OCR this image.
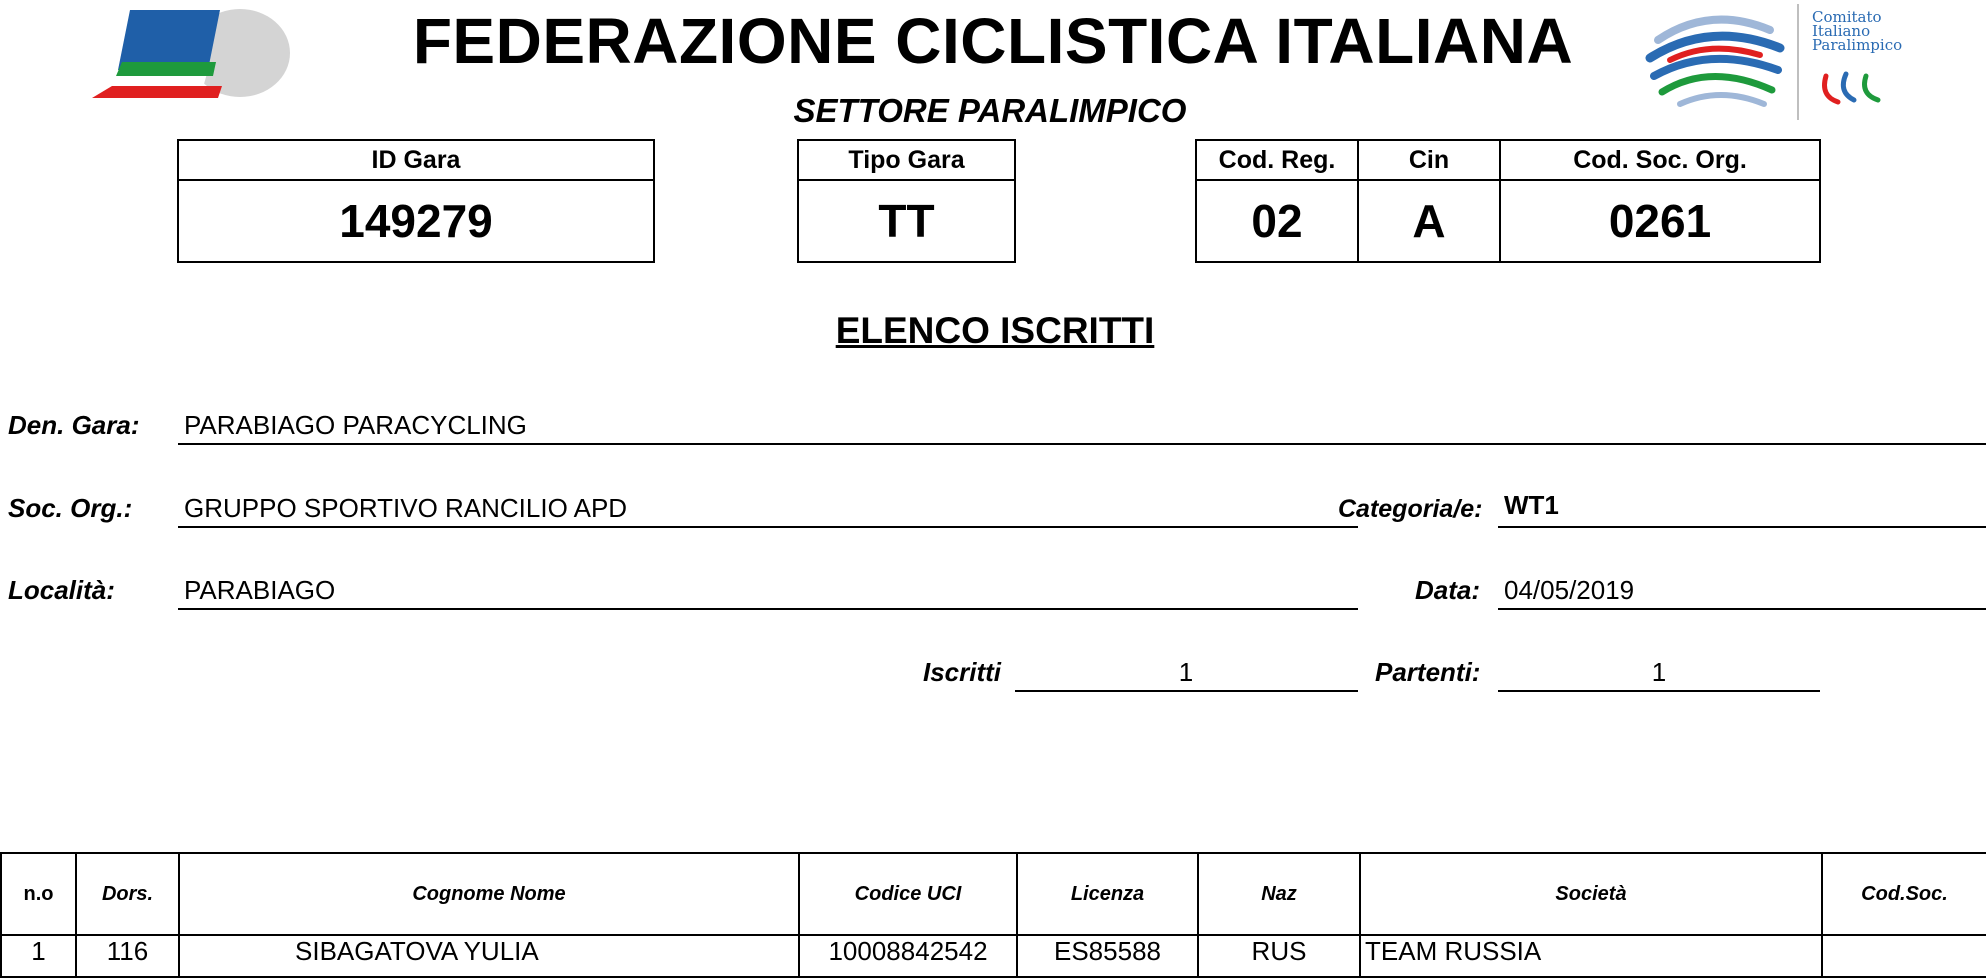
FEDERAZIONE CICLISTICA ITALIANA	Comitato
Italiano
Paralimpico
SETTORE PARALIMPICO
ID Gara
149279
Tipo Gara
TT
Cod. Reg.	Cin	Cod. Soc. Org.
02	A	0261
ELENCO ISCRITTI
Den. Gara: PARABIAGO PARACYCLING
Soc. Org.: GRUPPO SPORTIVO RANCILIO APD	Categoria/e: WT1
Località:	PARABIAGO	Data: 04/05/2019
Iscritti	1	Partenti:	1
n.o	Dors.	Cognome Nome	Codice UCI	Licenza	Naz	Società	Cod.Soc.
1	116	SIBAGATOVA YULIA	10008842542	ES85588	RUS	TEAM RUSSIA	
